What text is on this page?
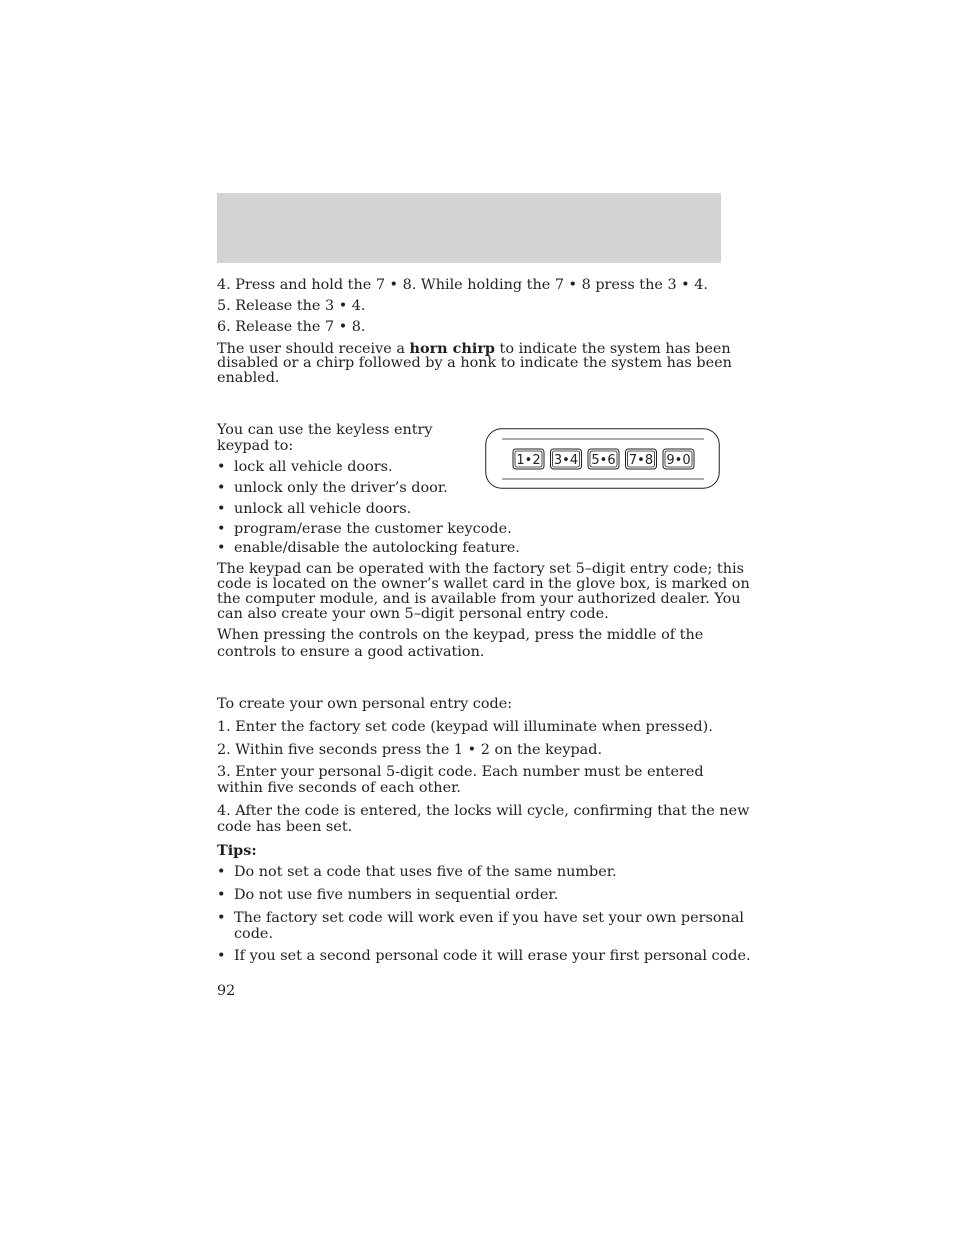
4. Press and hold the 7 • 8. While holding the 7 • 8 press the 3 • 4.
5. Release the 3 • 4.
6. Release the 7 • 8.
The user should receive a horn chirp to indicate the system has been
disabled or a chirp followed by a honk to indicate the system has been
enabled.
You can use the keyless entry
keypad to:
• lock all vehicle doors.
• unlock only the driver’s door.
• unlock all vehicle doors.
• program/erase the customer keycode.
• enable/disable the autolocking feature.
1•2 3•4 5•6 7•8 9•0
The keypad can be operated with the factory set 5–digit entry code; this
code is located on the owner’s wallet card in the glove box, is marked on
the computer module, and is available from your authorized dealer. You
can also create your own 5–digit personal entry code.
When pressing the controls on the keypad, press the middle of the
controls to ensure a good activation.
To create your own personal entry code:
1. Enter the factory set code (keypad will illuminate when pressed).
2. Within five seconds press the 1 • 2 on the keypad.
3. Enter your personal 5-digit code. Each number must be entered
within five seconds of each other.
4. After the code is entered, the locks will cycle, confirming that the new
code has been set.
Tips:
• Do not set a code that uses five of the same number.
• Do not use five numbers in sequential order.
• The factory set code will work even if you have set your own personal
code.
• If you set a second personal code it will erase your first personal code.
92
